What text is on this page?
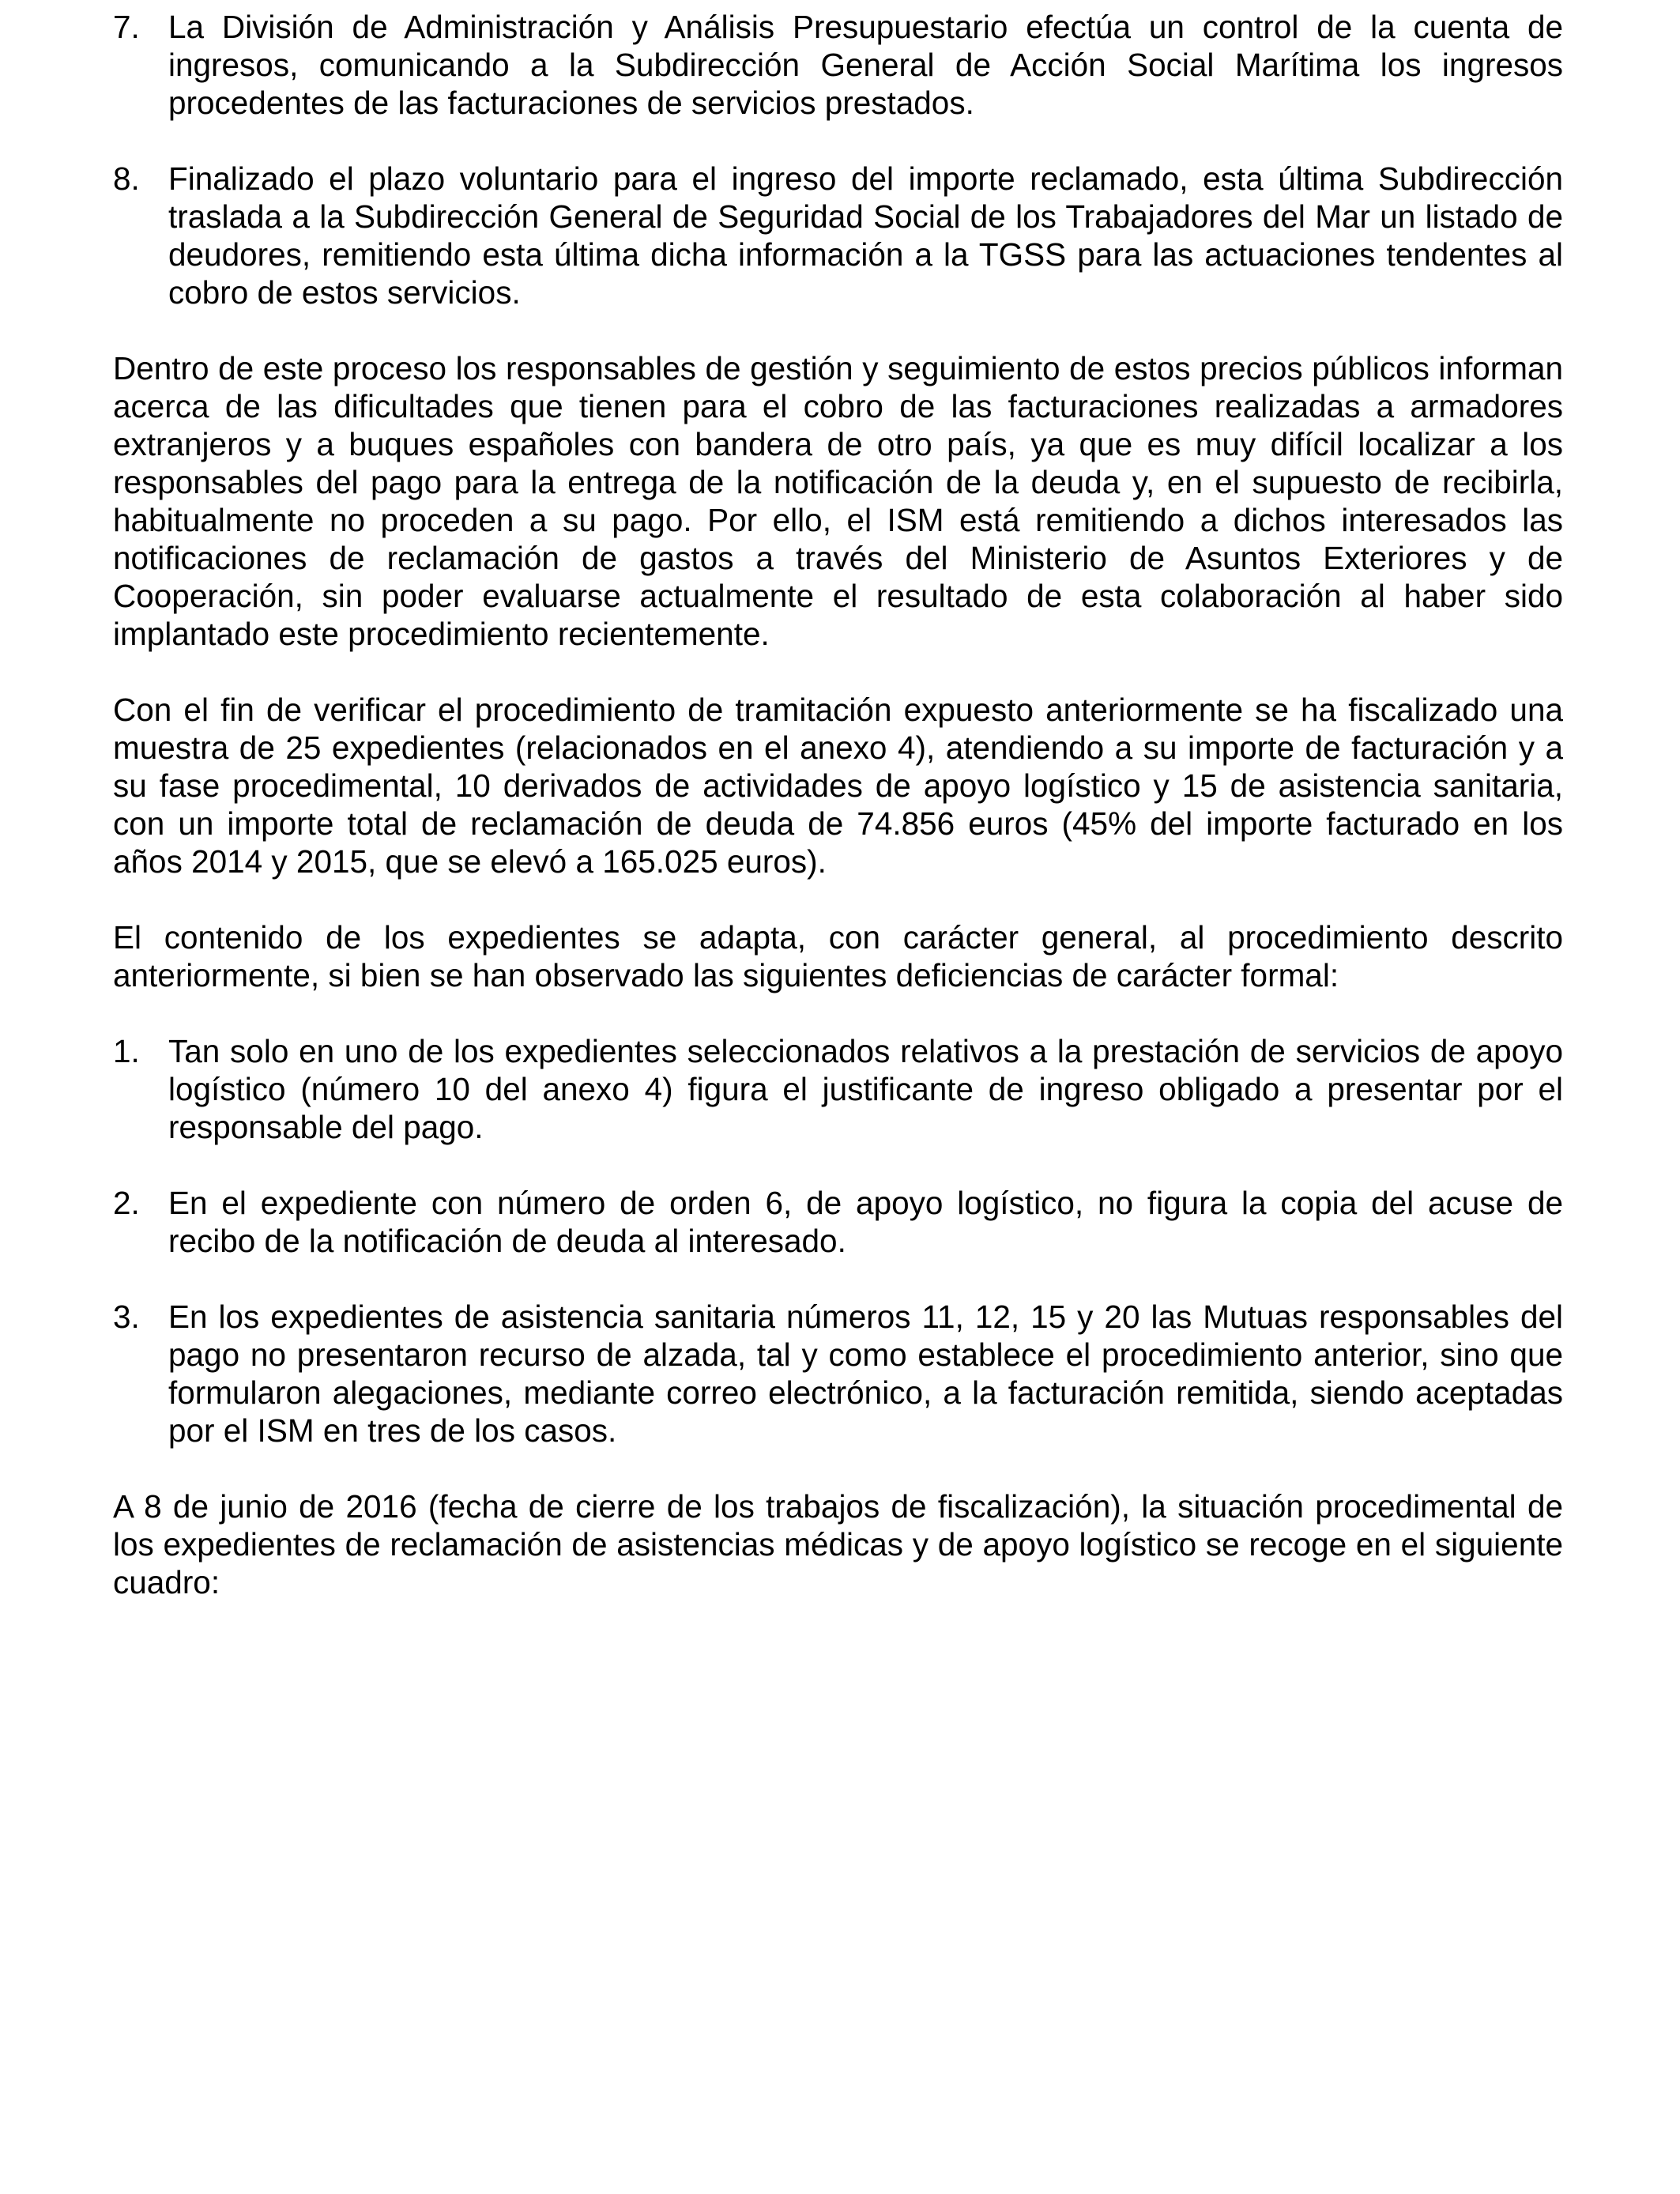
7. La División de Administración y Análisis Presupuestario efectúa un control de la cuenta de ingresos, comunicando a la Subdirección General de Acción Social Marítima los ingresos procedentes de las facturaciones de servicios prestados.
8. Finalizado el plazo voluntario para el ingreso del importe reclamado, esta última Subdirección traslada a la Subdirección General de Seguridad Social de los Trabajadores del Mar un listado de deudores, remitiendo esta última dicha información a la TGSS para las actuaciones tendentes al cobro de estos servicios.

Dentro de este proceso los responsables de gestión y seguimiento de estos precios públicos informan acerca de las dificultades que tienen para el cobro de las facturaciones realizadas a armadores extranjeros y a buques españoles con bandera de otro país, ya que es muy difícil localizar a los responsables del pago para la entrega de la notificación de la deuda y, en el supuesto de recibirla, habitualmente no proceden a su pago. Por ello, el ISM está remitiendo a dichos interesados las notificaciones de reclamación de gastos a través del Ministerio de Asuntos Exteriores y de Cooperación, sin poder evaluarse actualmente el resultado de esta colaboración al haber sido implantado este procedimiento recientemente.

Con el fin de verificar el procedimiento de tramitación expuesto anteriormente se ha fiscalizado una muestra de 25 expedientes (relacionados en el anexo 4), atendiendo a su importe de facturación y a su fase procedimental, 10 derivados de actividades de apoyo logístico y 15 de asistencia sanitaria, con un importe total de reclamación de deuda de 74.856 euros (45% del importe facturado en los años 2014 y 2015, que se elevó a 165.025 euros).

El contenido de los expedientes se adapta, con carácter general, al procedimiento descrito anteriormente, si bien se han observado las siguientes deficiencias de carácter formal:

1. Tan solo en uno de los expedientes seleccionados relativos a la prestación de servicios de apoyo logístico (número 10 del anexo 4) figura el justificante de ingreso obligado a presentar por el responsable del pago.
2. En el expediente con número de orden 6, de apoyo logístico, no figura la copia del acuse de recibo de la notificación de deuda al interesado.
3. En los expedientes de asistencia sanitaria números 11, 12, 15 y 20 las Mutuas responsables del pago no presentaron recurso de alzada, tal y como establece el procedimiento anterior, sino que formularon alegaciones, mediante correo electrónico, a la facturación remitida, siendo aceptadas por el ISM en tres de los casos.

A 8 de junio de 2016 (fecha de cierre de los trabajos de fiscalización), la situación procedimental de los expedientes de reclamación de asistencias médicas y de apoyo logístico se recoge en el siguiente cuadro:
